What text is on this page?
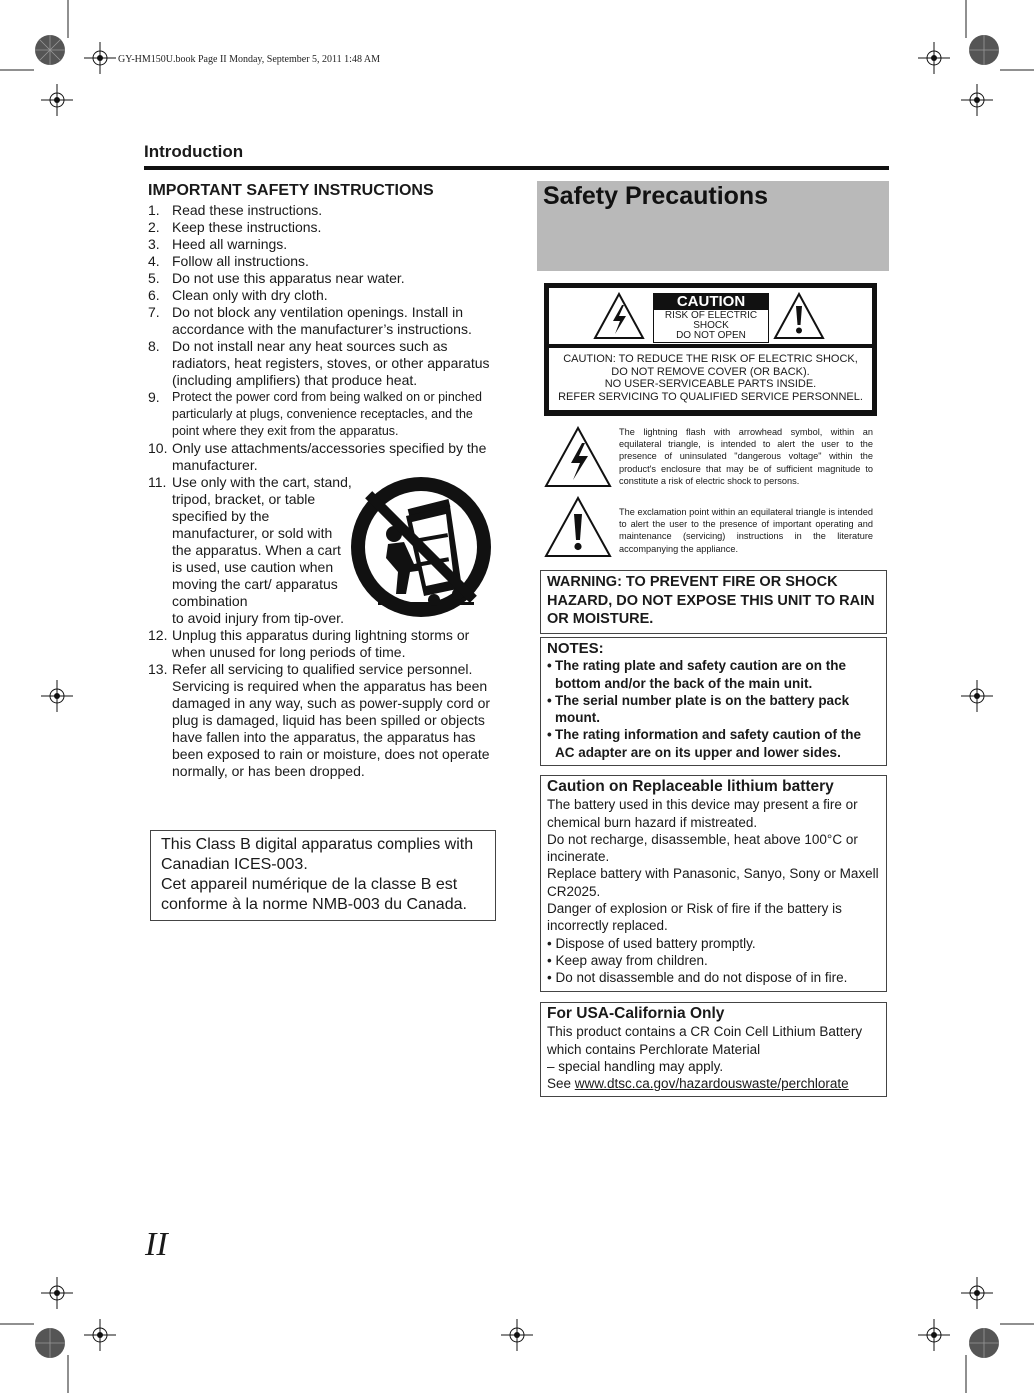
GY-HM150U.book Page II Monday, September 5, 2011 1:48 AM
Introduction
IMPORTANT SAFETY INSTRUCTIONS
1. Read these instructions.
2. Keep these instructions.
3. Heed all warnings.
4. Follow all instructions.
5. Do not use this apparatus near water.
6. Clean only with dry cloth.
7. Do not block any ventilation openings. Install in accordance with the manufacturer’s instructions.
8. Do not install near any heat sources such as radiators, heat registers, stoves, or other apparatus (including amplifiers) that produce heat.
9. Protect the power cord from being walked on or pinched particularly at plugs, convenience receptacles, and the point where they exit from the apparatus.
10. Only use attachments/accessories specified by the manufacturer.
11. Use only with the cart, stand, tripod, bracket, or table specified by the manufacturer, or sold with the apparatus. When a cart is used, use caution when moving the cart/ apparatus combination
to avoid injury from tip-over.
12. Unplug this apparatus during lightning storms or when unused for long periods of time.
13. Refer all servicing to qualified service personnel. Servicing is required when the apparatus has been damaged in any way, such as power-supply cord or plug is damaged, liquid has been spilled or objects have fallen into the apparatus, the apparatus has been exposed to rain or moisture, does not operate normally, or has been dropped.
This Class B digital apparatus complies with Canadian ICES-003.
Cet appareil numérique de la classe B est conforme à la norme NMB-003 du Canada.
Safety Precautions
CAUTION
RISK OF ELECTRIC SHOCK
DO NOT OPEN
CAUTION: TO REDUCE THE RISK OF ELECTRIC SHOCK,
DO NOT REMOVE COVER (OR BACK).
NO USER-SERVICEABLE PARTS INSIDE.
REFER SERVICING TO QUALIFIED SERVICE PERSONNEL.
The lightning flash with arrowhead symbol, within an equilateral triangle, is intended to alert the user to the presence of uninsulated "dangerous voltage" within the product's enclosure that may be of sufficient magnitude to constitute a risk of electric shock to persons.
The exclamation point within an equilateral triangle is intended to alert the user to the presence of important operating and maintenance (servicing) instructions in the literature accompanying the appliance.
WARNING: TO PREVENT FIRE OR SHOCK HAZARD, DO NOT EXPOSE THIS UNIT TO RAIN OR MOISTURE.
NOTES:
• The rating plate and safety caution are on the bottom and/or the back of the main unit.
• The serial number plate is on the battery pack mount.
• The rating information and safety caution of the AC adapter are on its upper and lower sides.
Caution on Replaceable lithium battery
The battery used in this device may present a fire or chemical burn hazard if mistreated.
Do not recharge, disassemble, heat above 100°C or incinerate.
Replace battery with Panasonic, Sanyo, Sony or Maxell CR2025.
Danger of explosion or Risk of fire if the battery is incorrectly replaced.
• Dispose of used battery promptly.
• Keep away from children.
• Do not disassemble and do not dispose of in fire.
For USA-California Only
This product contains a CR Coin Cell Lithium Battery which contains Perchlorate Material
– special handling may apply.
See www.dtsc.ca.gov/hazardouswaste/perchlorate
II
